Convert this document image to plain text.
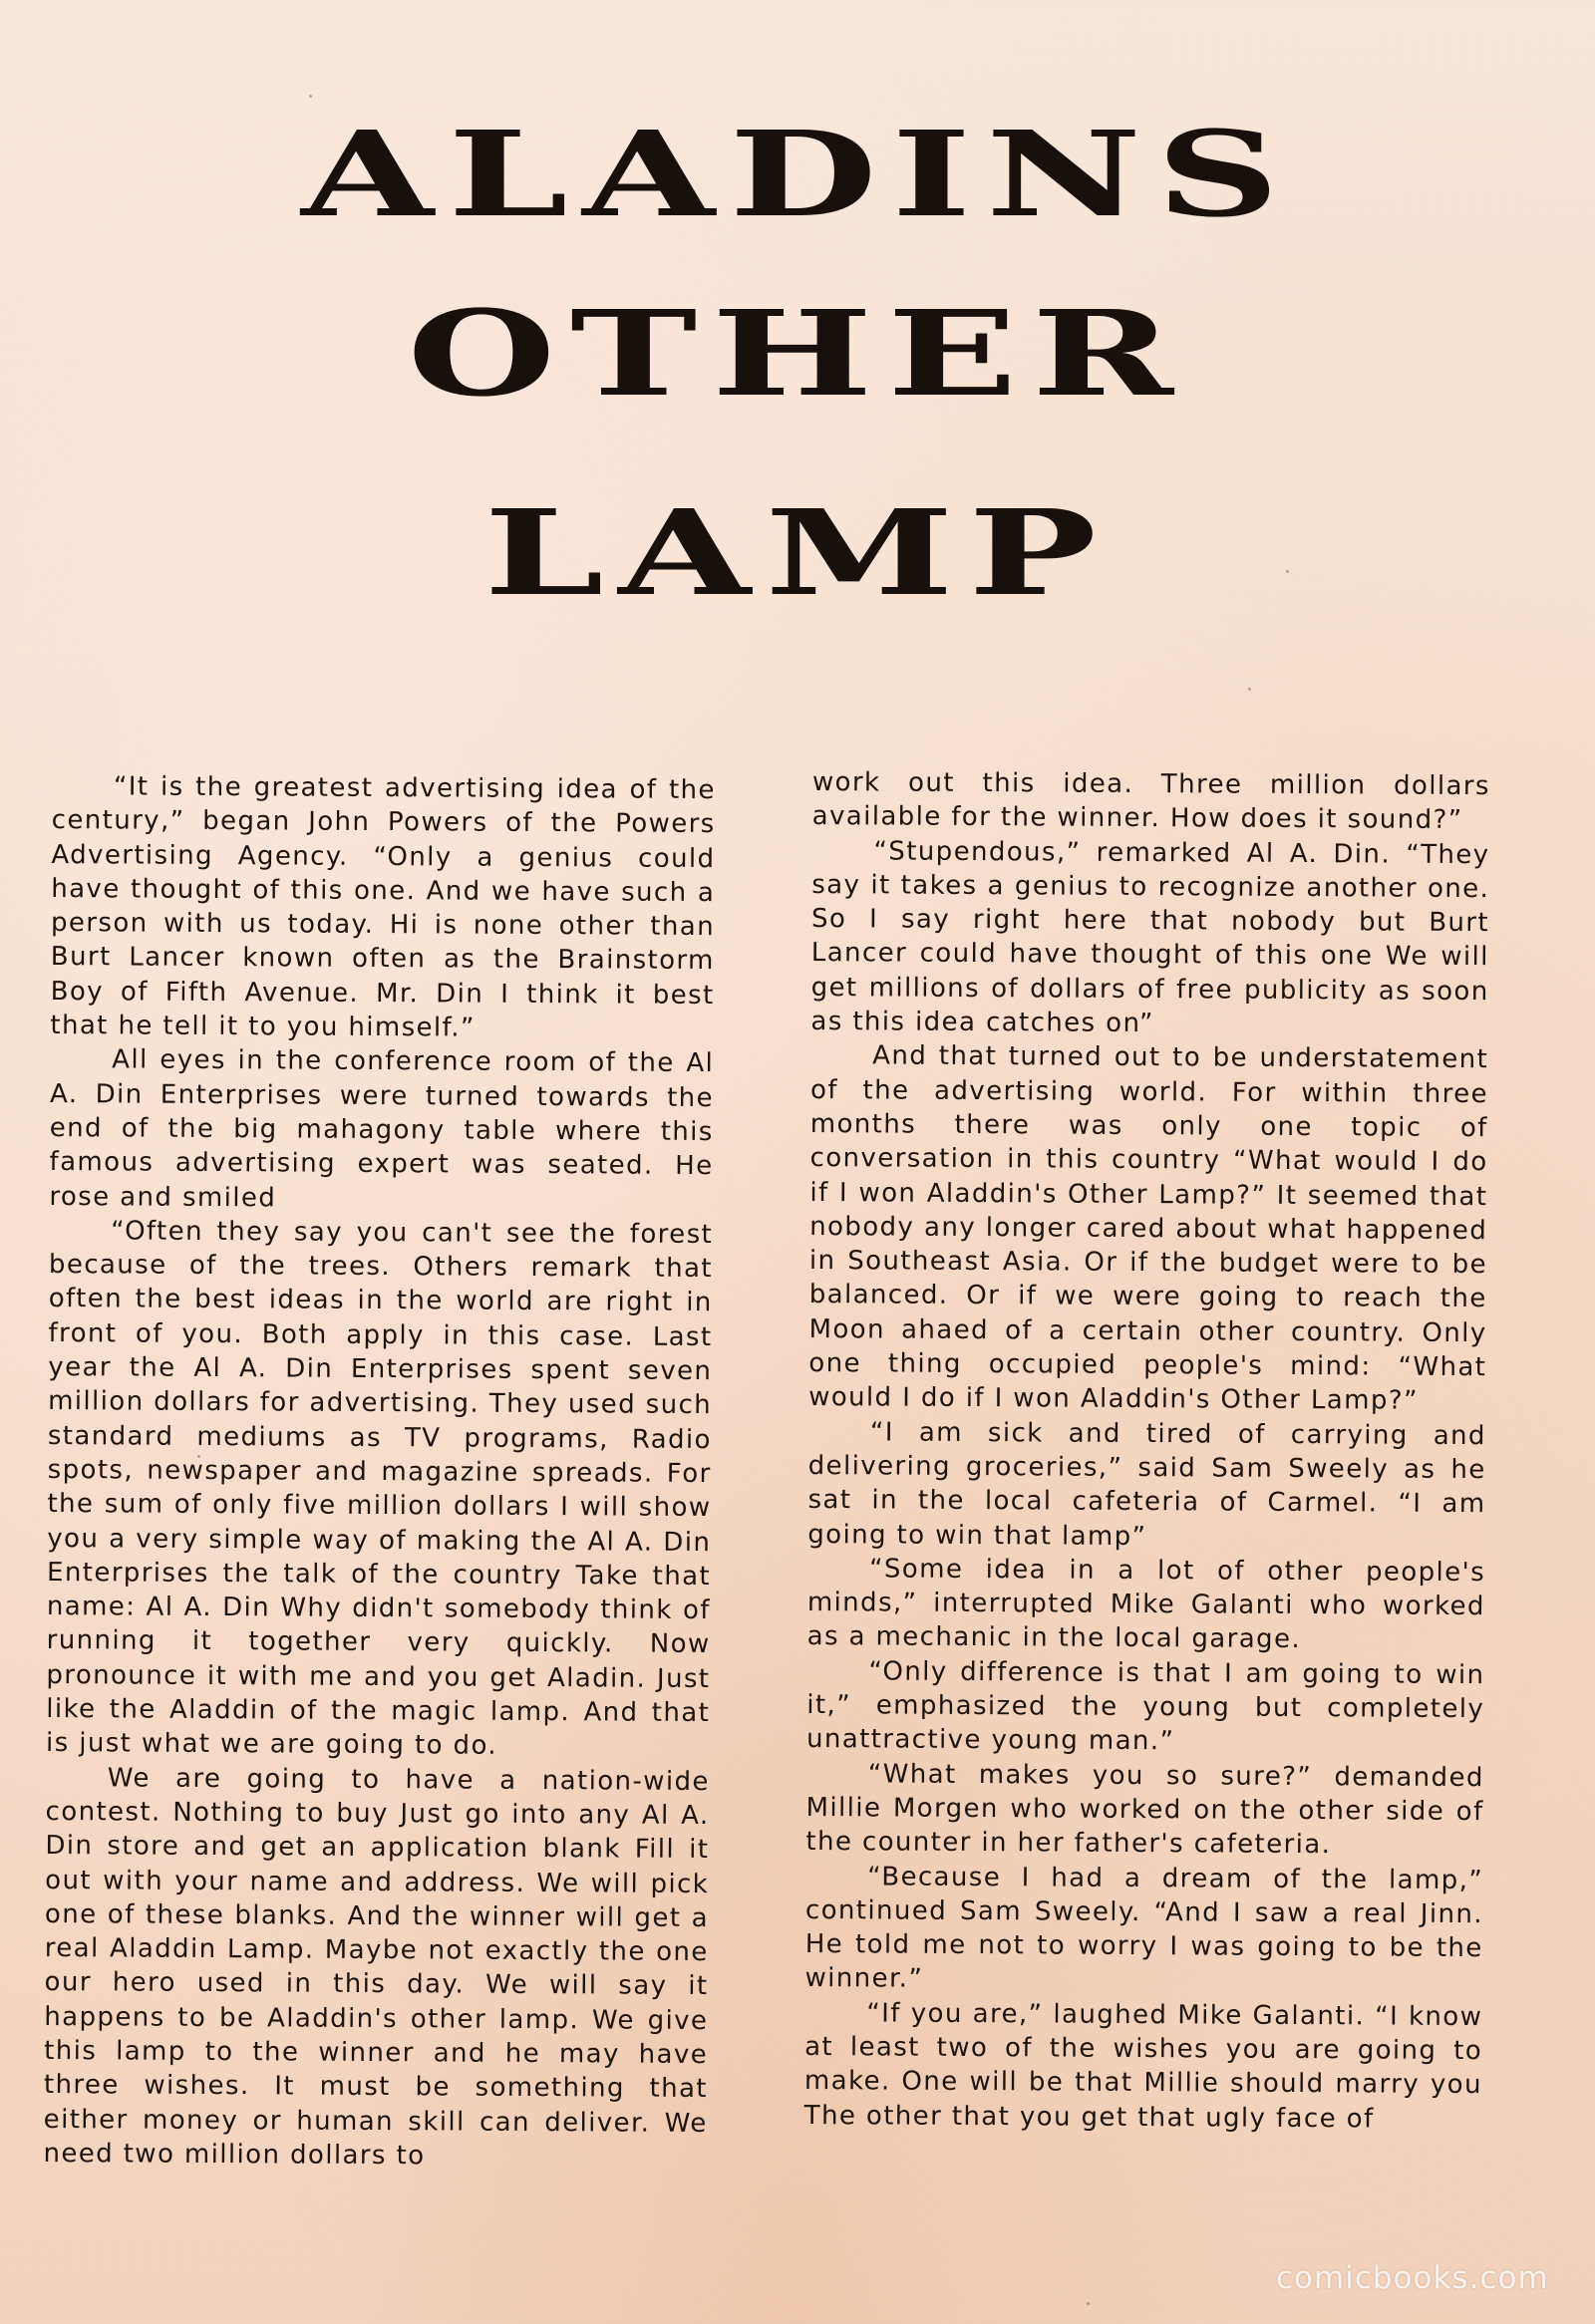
ALADINS
OTHER
LAMP

“It is the greatest advertising idea of the century,” began John Powers of the Powers Advertising Agency. “Only a genius could have thought of this one. And we have such a person with us today. Hi is none other than Burt Lancer known often as the Brainstorm Boy of Fifth Avenue. Mr. Din I think it best that he tell it to you himself.”

All eyes in the conference room of the Al A. Din Enterprises were turned towards the end of the big mahagony table where this famous advertising expert was seated. He rose and smiled

“Often they say you can't see the forest because of the trees. Others remark that often the best ideas in the world are right in front of you. Both apply in this case. Last year the Al A. Din Enterprises spent seven million dollars for advertising. They used such standard mediums as TV programs, Radio spots, newspaper and magazine spreads. For the sum of only five million dollars I will show you a very simple way of making the Al A. Din Enterprises the talk of the country Take that name: Al A. Din Why didn't somebody think of running it together very quickly. Now pronounce it with me and you get Aladin. Just like the Aladdin of the magic lamp. And that is just what we are going to do.

We are going to have a nation-wide contest. Nothing to buy Just go into any Al A. Din store and get an application blank Fill it out with your name and address. We will pick one of these blanks. And the winner will get a real Aladdin Lamp. Maybe not exactly the one our hero used in this day. We will say it happens to be Aladdin's other lamp. We give this lamp to the winner and he may have three wishes. It must be something that either money or human skill can deliver. We need two million dollars to

work out this idea. Three million dollars available for the winner. How does it sound?”

“Stupendous,” remarked Al A. Din. “They say it takes a genius to recognize another one. So I say right here that nobody but Burt Lancer could have thought of this one We will get millions of dollars of free publicity as soon as this idea catches on”

And that turned out to be understatement of the advertising world. For within three months there was only one topic of conversation in this country “What would I do if I won Aladdin's Other Lamp?” It seemed that nobody any longer cared about what happened in Southeast Asia. Or if the budget were to be balanced. Or if we were going to reach the Moon ahaed of a certain other country. Only one thing occupied people's mind: “What would I do if I won Aladdin's Other Lamp?”

“I am sick and tired of carrying and delivering groceries,” said Sam Sweely as he sat in the local cafeteria of Carmel. “I am going to win that lamp”

“Some idea in a lot of other people's minds,” interrupted Mike Galanti who worked as a mechanic in the local garage.

“Only difference is that I am going to win it,” emphasized the young but completely unattractive young man.”

“What makes you so sure?” demanded Millie Morgen who worked on the other side of the counter in her father's cafeteria.

“Because I had a dream of the lamp,” continued Sam Sweely. “And I saw a real Jinn. He told me not to worry I was going to be the winner.”

“If you are,” laughed Mike Galanti. “I know at least two of the wishes you are going to make. One will be that Millie should marry you The other that you get that ugly face of

comicbooks.com
